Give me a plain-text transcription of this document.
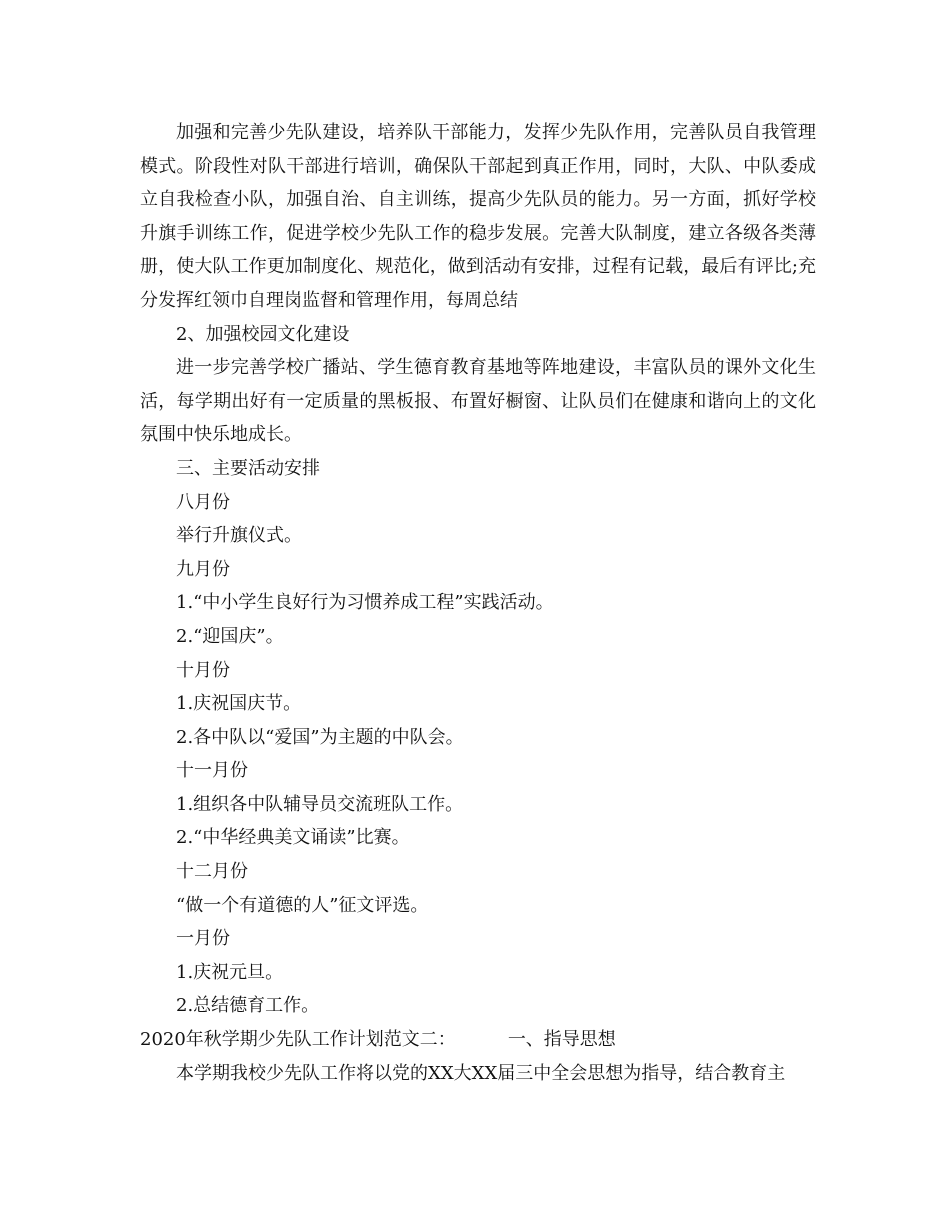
加强和完善少先队建设，培养队干部能力，发挥少先队作用，完善队员自我管理模式。阶段性对队干部进行培训，确保队干部起到真正作用，同时，大队、中队委成立自我检查小队，加强自治、自主训练，提高少先队员的能力。另一方面，抓好学校升旗手训练工作，促进学校少先队工作的稳步发展。完善大队制度，建立各级各类薄册，使大队工作更加制度化、规范化，做到活动有安排，过程有记载，最后有评比;充分发挥红领巾自理岗监督和管理作用，每周总结

2、加强校园文化建设

进一步完善学校广播站、学生德育教育基地等阵地建设，丰富队员的课外文化生活，每学期出好有一定质量的黑板报、布置好橱窗、让队员们在健康和谐向上的文化氛围中快乐地成长。

三、主要活动安排
八月份
举行升旗仪式。
九月份
1.“中小学生良好行为习惯养成工程”实践活动。
2.“迎国庆”。
十月份
1.庆祝国庆节。
2.各中队以“爱国”为主题的中队会。
十一月份
1.组织各中队辅导员交流班队工作。
2.“中华经典美文诵读”比赛。
十二月份
“做一个有道德的人”征文评选。
一月份
1.庆祝元旦。
2.总结德育工作。
2020年秋学期少先队工作计划范文二：	一、指导思想

本学期我校少先队工作将以党的XX大XX届三中全会思想为指导，结合教育主
